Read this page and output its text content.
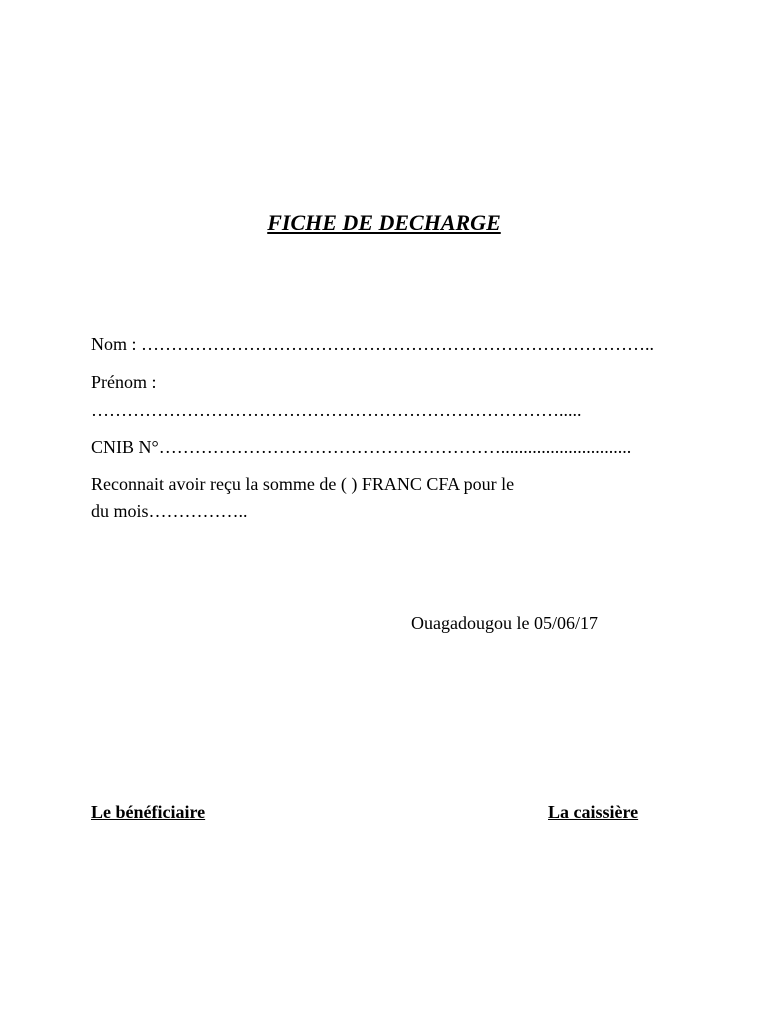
FICHE DE DECHARGE
Nom : …………………………………………………………………………..
Prénom :
…………………………………………………………………….....
CNIB N°………………………………………………….............................
Reconnait avoir reçu la somme de ( ) FRANC CFA pour le
du mois……………..
Ouagadougou le 05/06/17
Le bénéficiaire	La caissière
